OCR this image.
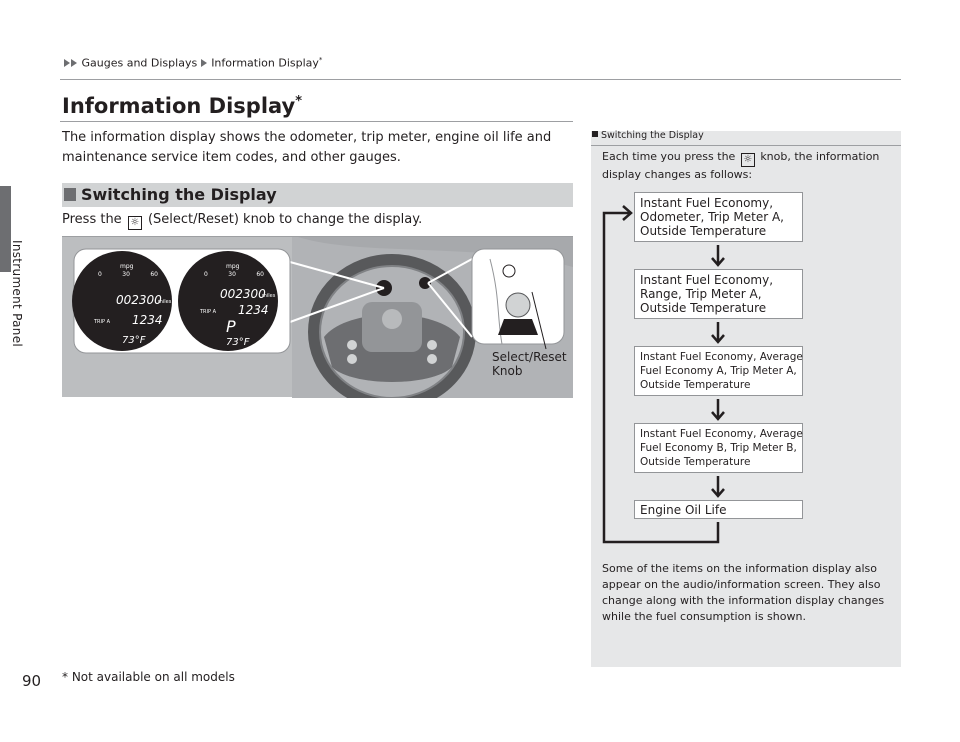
Instrument Panel
Gauges and Displays Information Display*
Information Display*
The information display shows the odometer, trip meter, engine oil life and maintenance service item codes, and other gauges.
Switching the Display
Press the ☼ (Select/Reset) knob to change the display.
mpg
0	30	60
002300
miles
TRIP A 1234
73°F
mpg
0	30	60
002300
miles
TRIP A 1234
P
73°F
Select/Reset
Knob
Switching the Display
Each time you press the ☼ knob, the information display changes as follows:
Instant Fuel Economy,
Odometer, Trip Meter A,
Outside Temperature
Instant Fuel Economy,
Range, Trip Meter A,
Outside Temperature
Instant Fuel Economy, Average
Fuel Economy A, Trip Meter A,
Outside Temperature
Instant Fuel Economy, Average
Fuel Economy B, Trip Meter B,
Outside Temperature
Engine Oil Life
Some of the items on the information display also appear on the audio/information screen. They also change along with the information display changes while the fuel consumption is shown.
90 * Not available on all models
